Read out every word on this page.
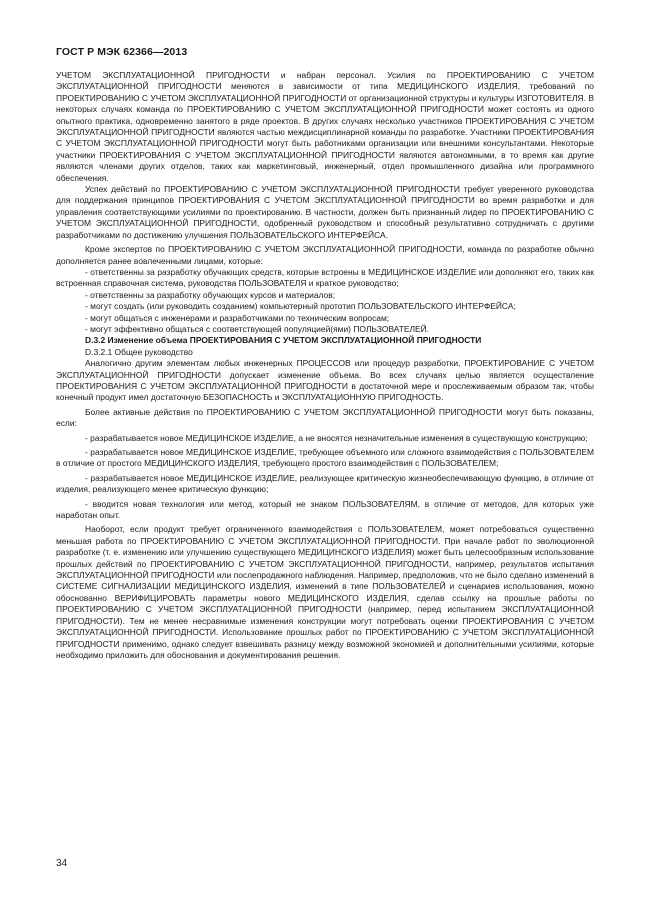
ГОСТ Р МЭК 62366—2013

УЧЕТОМ ЭКСПЛУАТАЦИОННОЙ ПРИГОДНОСТИ и набран персонал. Усилия по ПРОЕКТИРОВАНИЮ С УЧЕТОМ ЭКСПЛУАТАЦИОННОЙ ПРИГОДНОСТИ меняются в зависимости от типа МЕДИЦИНСКОГО ИЗДЕЛИЯ, требований по ПРОЕКТИРОВАНИЮ С УЧЕТОМ ЭКСПЛУАТАЦИОННОЙ ПРИГОДНОСТИ от организационной структуры и культуры ИЗГОТОВИТЕЛЯ. В некоторых случаях команда по ПРОЕКТИРОВАНИЮ С УЧЕТОМ ЭКСПЛУАТАЦИОННОЙ ПРИГОДНОСТИ может состоять из одного опытного практика, одновременно занятого в ряде проектов. В других случаях несколько участников ПРОЕКТИРОВАНИЯ С УЧЕТОМ ЭКСПЛУАТАЦИОННОЙ ПРИГОДНОСТИ являются частью междисциплинарной команды по разработке. Участники ПРОЕКТИРОВАНИЯ С УЧЕТОМ ЭКСПЛУАТАЦИОННОЙ ПРИГОДНОСТИ могут быть работниками организации или внешними консультантами. Некоторые участники ПРОЕКТИРОВАНИЯ С УЧЕТОМ ЭКСПЛУАТАЦИОННОЙ ПРИГОДНОСТИ являются автономными, в то время как другие являются членами других отделов, таких как маркетинговый, инженерный, отдел промышленного дизайна или программного обеспечения.

Успех действий по ПРОЕКТИРОВАНИЮ С УЧЕТОМ ЭКСПЛУАТАЦИОННОЙ ПРИГОДНОСТИ требует уверенного руководства для поддержания принципов ПРОЕКТИРОВАНИЯ С УЧЕТОМ ЭКСПЛУАТАЦИОННОЙ ПРИГОДНОСТИ во время разработки и для управления соответствующими усилиями по проектированию. В частности, должен быть признанный лидер по ПРОЕКТИРОВАНИЮ С УЧЕТОМ ЭКСПЛУАТАЦИОННОЙ ПРИГОДНОСТИ, одобренный руководством и способный результативно сотрудничать с другими разработчиками по достижению улучшения ПОЛЬЗОВАТЕЛЬСКОГО ИНТЕРФЕЙСА.

Кроме экспертов по ПРОЕКТИРОВАНИЮ С УЧЕТОМ ЭКСПЛУАТАЦИОННОЙ ПРИГОДНОСТИ, команда по разработке обычно дополняется ранее вовлеченными лицами, которые:

- ответственны за разработку обучающих средств, которые встроены в МЕДИЦИНСКОЕ ИЗДЕЛИЕ или дополняют его, таких как встроенная справочная система, руководства ПОЛЬЗОВАТЕЛЯ и краткое руководство;

- ответственны за разработку обучающих курсов и материалов;

- могут создать (или руководить созданием) компьютерный прототип ПОЛЬЗОВАТЕЛЬСКОГО ИНТЕРФЕЙСА;

- могут общаться с инженерами и разработчиками по техническим вопросам;

- могут эффективно общаться с соответствующей популяцией(ями) ПОЛЬЗОВАТЕЛЕЙ.

D.3.2 Изменение объема ПРОЕКТИРОВАНИЯ С УЧЕТОМ ЭКСПЛУАТАЦИОННОЙ ПРИГОДНОСТИ

D.3.2.1 Общее руководство

Аналогично другим элементам любых инженерных ПРОЦЕССОВ или процедур разработки, ПРОЕКТИРОВАНИЕ С УЧЕТОМ ЭКСПЛУАТАЦИОННОЙ ПРИГОДНОСТИ допускает изменение объема. Во всех случаях целью является осуществление ПРОЕКТИРОВАНИЯ С УЧЕТОМ ЭКСПЛУАТАЦИОННОЙ ПРИГОДНОСТИ в достаточной мере и прослеживаемым образом так, чтобы конечный продукт имел достаточную БЕЗОПАСНОСТЬ и ЭКСПЛУАТАЦИОННУЮ ПРИГОДНОСТЬ.

Более активные действия по ПРОЕКТИРОВАНИЮ С УЧЕТОМ ЭКСПЛУАТАЦИОННОЙ ПРИГОДНОСТИ могут быть показаны, если:

- разрабатывается новое МЕДИЦИНСКОЕ ИЗДЕЛИЕ, а не вносятся незначительные изменения в существующую конструкцию;

- разрабатывается новое МЕДИЦИНСКОЕ ИЗДЕЛИЕ, требующее объемного или сложного взаимодействия с ПОЛЬЗОВАТЕЛЕМ в отличие от простого МЕДИЦИНСКОГО ИЗДЕЛИЯ, требующего простого взаимодействия с ПОЛЬЗОВАТЕЛЕМ;

- разрабатывается новое МЕДИЦИНСКОЕ ИЗДЕЛИЕ, реализующее критическую жизнеобеспечивающую функцию, в отличие от изделия, реализующего менее критическую функцию;

- вводится новая технология или метод, который не знаком ПОЛЬЗОВАТЕЛЯМ, в отличие от методов, для которых уже наработан опыт.

Наоборот, если продукт требует ограниченного взаимодействия с ПОЛЬЗОВАТЕЛЕМ, может потребоваться существенно меньшая работа по ПРОЕКТИРОВАНИЮ С УЧЕТОМ ЭКСПЛУАТАЦИОННОЙ ПРИГОДНОСТИ. При начале работ по эволюционной разработке (т. е. изменению или улучшению существующего МЕДИЦИНСКОГО ИЗДЕЛИЯ) может быть целесообразным использование прошлых действий по ПРОЕКТИРОВАНИЮ С УЧЕТОМ ЭКСПЛУАТАЦИОННОЙ ПРИГОДНОСТИ, например, результатов испытания ЭКСПЛУАТАЦИОННОЙ ПРИГОДНОСТИ или послепродажного наблюдения. Например, предположив, что не было сделано изменений в СИСТЕМЕ СИГНАЛИЗАЦИИ МЕДИЦИНСКОГО ИЗДЕЛИЯ, изменений в типе ПОЛЬЗОВАТЕЛЕЙ и сценариев использования, можно обоснованно ВЕРИФИЦИРОВАТЬ параметры нового МЕДИЦИНСКОГО ИЗДЕЛИЯ, сделав ссылку на прошлые работы по ПРОЕКТИРОВАНИЮ С УЧЕТОМ ЭКСПЛУАТАЦИОННОЙ ПРИГОДНОСТИ (например, перед испытанием ЭКСПЛУАТАЦИОННОЙ ПРИГОДНОСТИ). Тем не менее несравнимые изменения конструкции могут потребовать оценки ПРОЕКТИРОВАНИЯ С УЧЕТОМ ЭКСПЛУАТАЦИОННОЙ ПРИГОДНОСТИ. Использование прошлых работ по ПРОЕКТИРОВАНИЮ С УЧЕТОМ ЭКСПЛУАТАЦИОННОЙ ПРИГОДНОСТИ применимо, однако следует взвешивать разницу между возможной экономией и дополнительными усилиями, которые необходимо приложить для обоснования и документирования решения.

34
